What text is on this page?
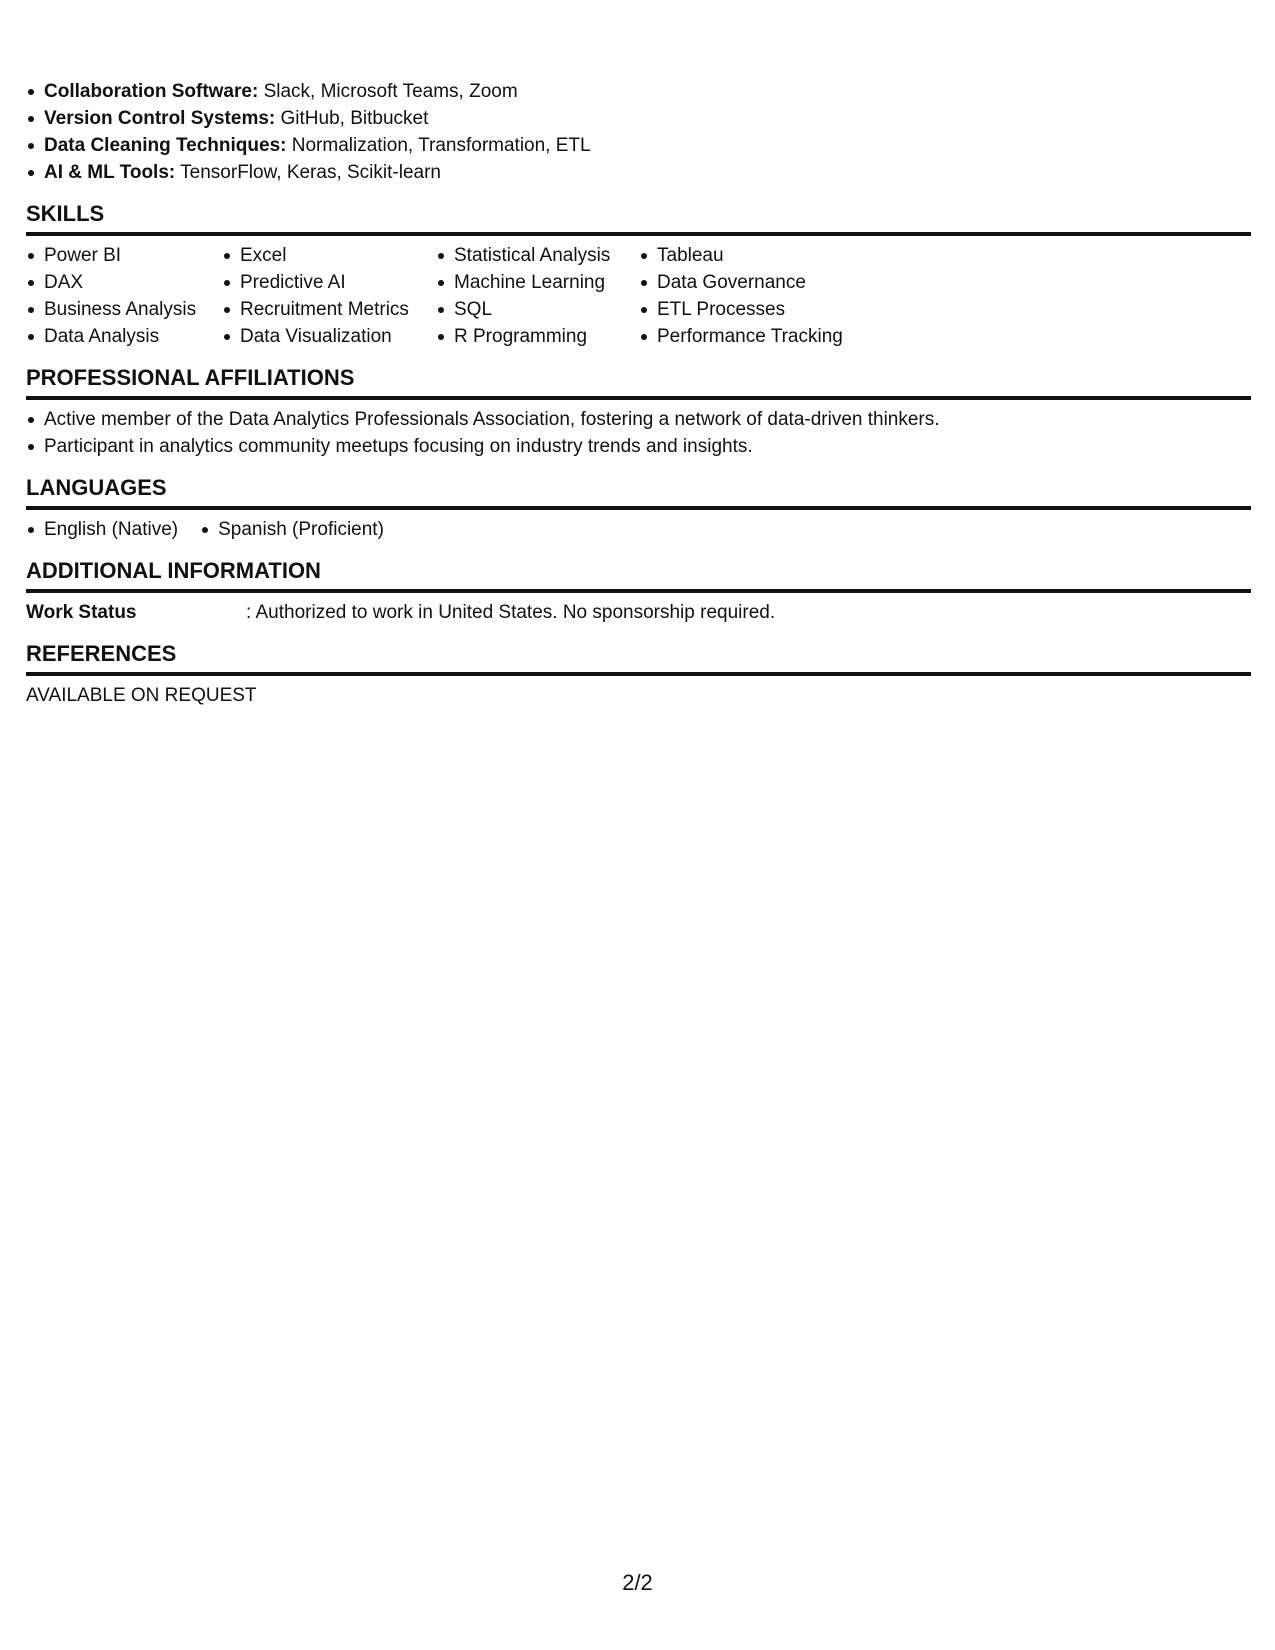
Collaboration Software: Slack, Microsoft Teams, Zoom
Version Control Systems: GitHub, Bitbucket
Data Cleaning Techniques: Normalization, Transformation, ETL
AI & ML Tools: TensorFlow, Keras, Scikit-learn
SKILLS
Power BI
DAX
Business Analysis
Data Analysis
Excel
Predictive AI
Recruitment Metrics
Data Visualization
Statistical Analysis
Machine Learning
SQL
R Programming
Tableau
Data Governance
ETL Processes
Performance Tracking
PROFESSIONAL AFFILIATIONS
Active member of the Data Analytics Professionals Association, fostering a network of data-driven thinkers.
Participant in analytics community meetups focusing on industry trends and insights.
LANGUAGES
English (Native)	Spanish (Proficient)
ADDITIONAL INFORMATION
Work Status	: Authorized to work in United States. No sponsorship required.
REFERENCES
AVAILABLE ON REQUEST
2/2
